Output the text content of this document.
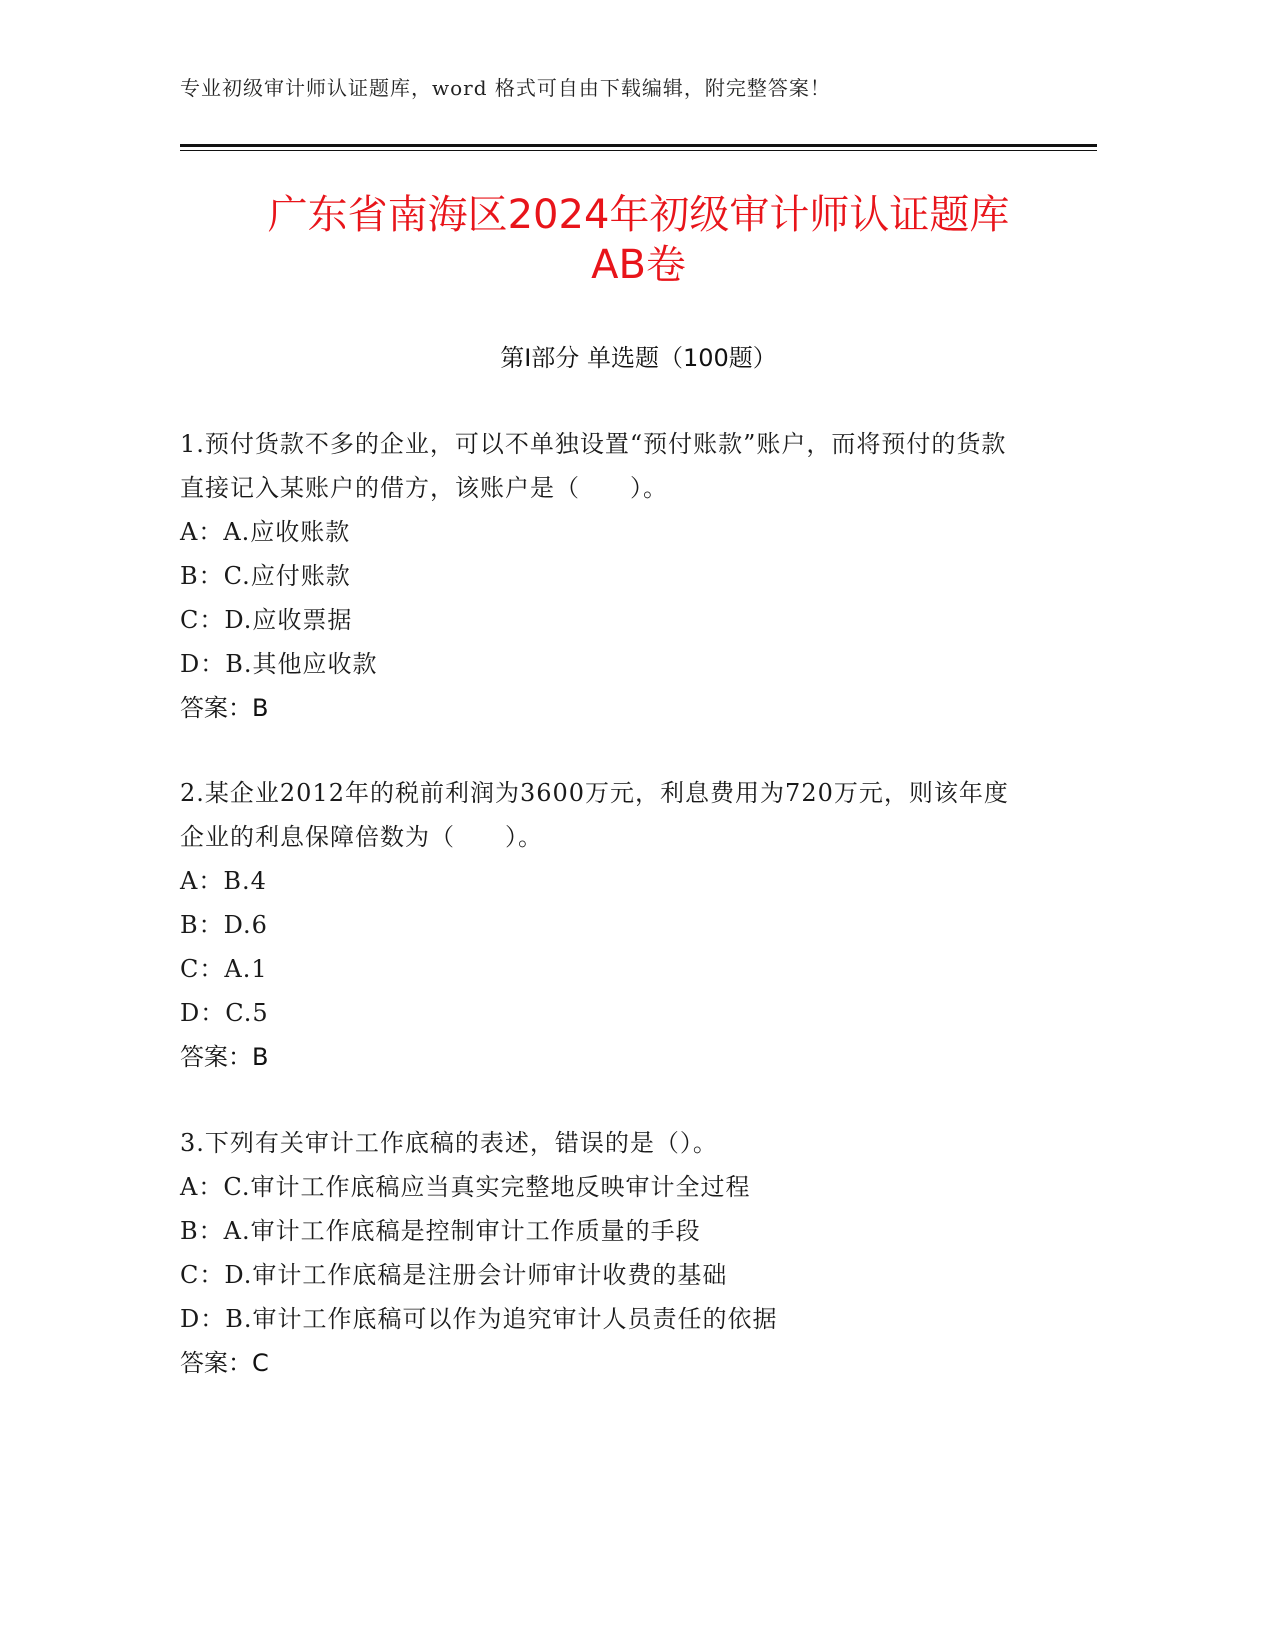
专业初级审计师认证题库，word 格式可自由下载编辑，附完整答案！
广东省南海区2024年初级审计师认证题库
AB卷
第Ⅰ部分 单选题（100题）
1.预付货款不多的企业，可以不单独设置“预付账款”账户，而将预付的货款直接记入某账户的借方，该账户是（　　）。
A：A.应收账款
B：C.应付账款
C：D.应收票据
D：B.其他应收款
答案：B
2.某企业2012年的税前利润为3600万元，利息费用为720万元，则该年度企业的利息保障倍数为（　　）。
A：B.4
B：D.6
C：A.1
D：C.5
答案：B
3.下列有关审计工作底稿的表述，错误的是（）。
A：C.审计工作底稿应当真实完整地反映审计全过程
B：A.审计工作底稿是控制审计工作质量的手段
C：D.审计工作底稿是注册会计师审计收费的基础
D：B.审计工作底稿可以作为追究审计人员责任的依据
答案：C
